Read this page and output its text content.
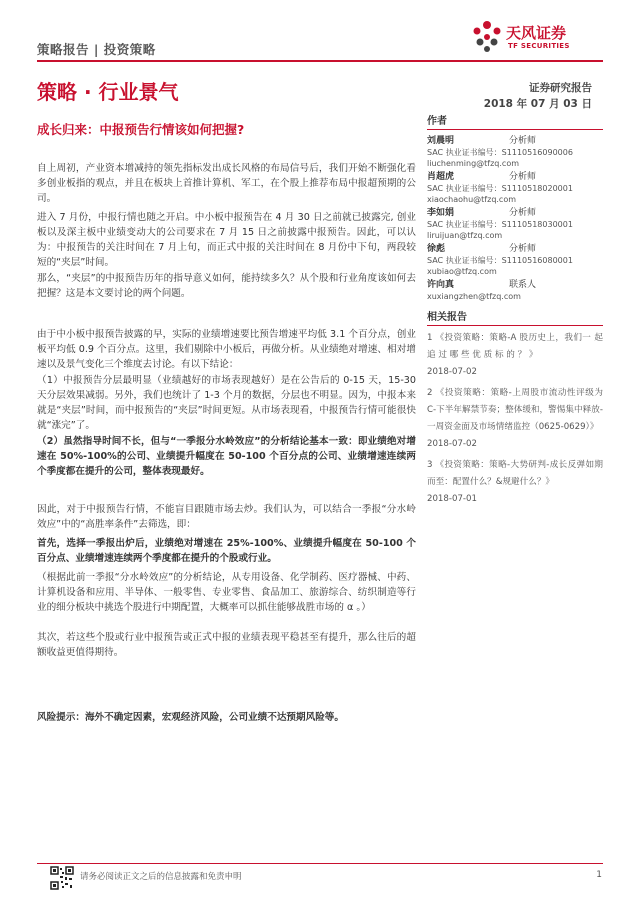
策略报告 | 投资策略
天风证券
TF SECURITIES
策略 · 行业景气	证券研究报告
2018 年 07 月 03 日
成长归来：中报预告行情该如何把握?

自上周初，产业资本增减持的领先指标发出成长风格的布局信号后，我们开始不断强化看多创业板指的观点，并且在板块上首推计算机、军工，在个股上推荐布局中报超预期的公司。

进入 7 月份，中报行情也随之开启。中小板中报预告在 4 月 30 日之前就已披露完, 创业板以及深主板中业绩变动大的公司要求在 7 月 15 日之前披露中报预告。因此，可以认为：中报预告的关注时间在 7 月上旬，而正式中报的关注时间在 8 月份中下旬，两段较短的“夹层”时间。

那么，“夹层”的中报预告历年的指导意义如何，能持续多久？从个股和行业角度该如何去把握？这是本文要讨论的两个问题。

由于中小板中报预告披露的早，实际的业绩增速要比预告增速平均低 3.1 个百分点，创业板平均低 0.9 个百分点。这里，我们剔除中小板后，再做分析。从业绩绝对增速、相对增速以及景气变化三个维度去讨论。有以下结论：

（1）中报预告分层最明显（业绩越好的市场表现越好）是在公告后的 0-15 天，15-30 天分层效果减弱。另外，我们也统计了 1-3 个月的数据，分层也不明显。因为，中报本来就是“夹层”时间，而中报预告的“夹层”时间更短。从市场表现看，中报预告行情可能很快就“涨完”了。

（2）虽然指导时间不长，但与“一季报分水岭效应”的分析结论基本一致：即业绩绝对增速在 50%-100%的公司、业绩提升幅度在 50-100 个百分点的公司、业绩增速连续两个季度都在提升的公司，整体表现最好。

因此，对于中报预告行情，不能盲目跟随市场去炒。我们认为，可以结合一季报“分水岭效应”中的“高胜率条件”去筛选，即：

首先，选择一季报出炉后，业绩绝对增速在 25%-100%、业绩提升幅度在 50-100 个百分点、业绩增速连续两个季度都在提升的个股或行业。

（根据此前一季报“分水岭效应”的分析结论，从专用设备、化学制药、医疗器械、中药、计算机设备和应用、半导体、一般零售、专业零售、食品加工、旅游综合、纺织制造等行业的细分板块中挑选个股进行中期配置，大概率可以抓住能够战胜市场的 α 。）

其次，若这些个股或行业中报预告或正式中报的业绩表现平稳甚至有提升，那么往后的超额收益更值得期待。

风险提示：海外不确定因素，宏观经济风险，公司业绩不达预期风险等。
作者
刘晨明	分析师
SAC 执业证书编号：S1110516090006
liuchenming@tfzq.com
肖超虎	分析师
SAC 执业证书编号：S1110518020001
xiaochaohu@tfzq.com
李如娟	分析师
SAC 执业证书编号：S1110518030001
liruijuan@tfzq.com
徐彪	分析师
SAC 执业证书编号：S1110516080001
xubiao@tfzq.com
许向真	联系人
xuxiangzhen@tfzq.com
相关报告
1 《投资策略：策略-A 股历史上，我们一 起 追 过 哪 些 优 质 标 的 ？ 》
2018-07-02
2 《投资策略：策略-上周股市流动性评级为 C-下半年解禁节奏；整体缓和，警惕集中释放-一周资金面及市场情绪监控（0625-0629）》
2018-07-02
3 《投资策略：策略-大势研判-成长反弹如期而至：配置什么？&规避什么？》
2018-07-01
请务必阅读正文之后的信息披露和免责申明	1
